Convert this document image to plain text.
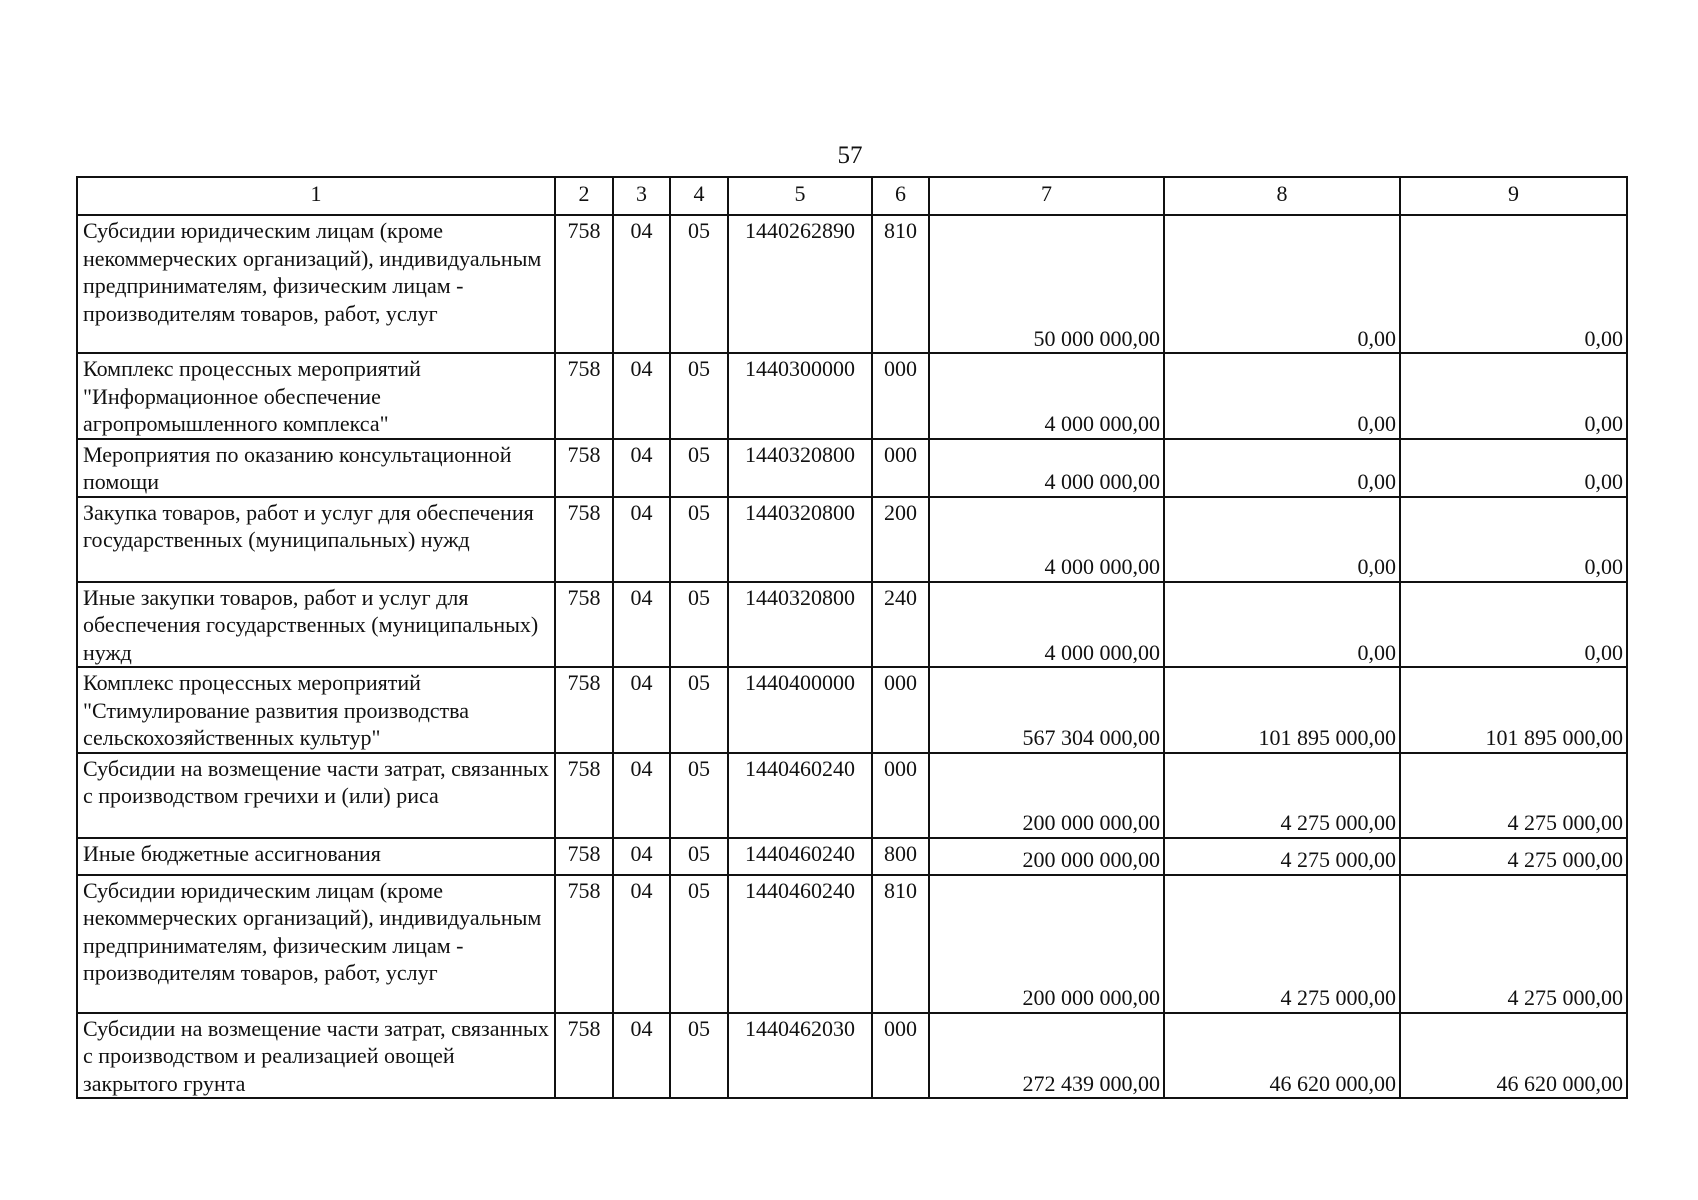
57
1	2	3	4	5	6	7	8	9
Субсидии юридическим лицам (кроме некоммерческих организаций), индивидуальным предпринимателям, физическим лицам - производителям товаров, работ, услуг	758	04	05	1440262890	810	50 000 000,00	0,00	0,00
Комплекс процессных мероприятий "Информационное обеспечение агропромышленного комплекса"	758	04	05	1440300000	000	4 000 000,00	0,00	0,00
Мероприятия по оказанию консультационной помощи	758	04	05	1440320800	000	4 000 000,00	0,00	0,00
Закупка товаров, работ и услуг для обеспечения государственных (муниципальных) нужд	758	04	05	1440320800	200	4 000 000,00	0,00	0,00
Иные закупки товаров, работ и услуг для обеспечения государственных (муниципальных) нужд	758	04	05	1440320800	240	4 000 000,00	0,00	0,00
Комплекс процессных мероприятий "Стимулирование развития производства сельскохозяйственных культур"	758	04	05	1440400000	000	567 304 000,00	101 895 000,00	101 895 000,00
Субсидии на возмещение части затрат, связанных с производством гречихи и (или) риса	758	04	05	1440460240	000	200 000 000,00	4 275 000,00	4 275 000,00
Иные бюджетные ассигнования	758	04	05	1440460240	800	200 000 000,00	4 275 000,00	4 275 000,00
Субсидии юридическим лицам (кроме некоммерческих организаций), индивидуальным предпринимателям, физическим лицам - производителям товаров, работ, услуг	758	04	05	1440460240	810	200 000 000,00	4 275 000,00	4 275 000,00
Субсидии на возмещение части затрат, связанных с производством и реализацией овощей закрытого грунта	758	04	05	1440462030	000	272 439 000,00	46 620 000,00	46 620 000,00
